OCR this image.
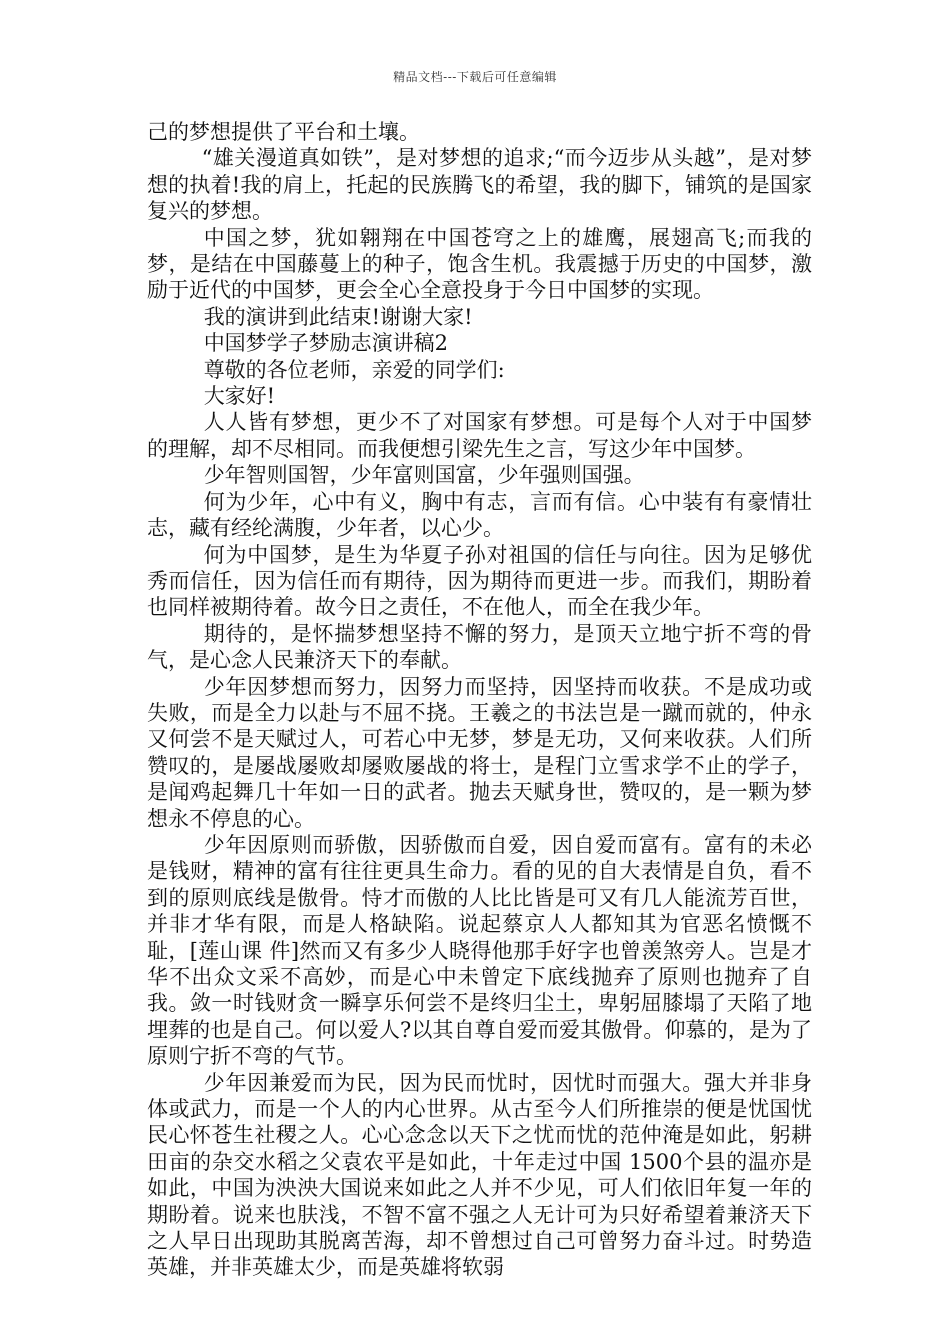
精品文档---下载后可任意编辑

己的梦想提供了平台和土壤。

“雄关漫道真如铁”，是对梦想的追求;“而今迈步从头越”，是对梦想的执着!我的肩上，托起的民族腾飞的希望，我的脚下，铺筑的是国家复兴的梦想。

中国之梦，犹如翱翔在中国苍穹之上的雄鹰，展翅高飞;而我的梦，是结在中国藤蔓上的种子，饱含生机。我震撼于历史的中国梦，激励于近代的中国梦，更会全心全意投身于今日中国梦的实现。

我的演讲到此结束!谢谢大家!

中国梦学子梦励志演讲稿2

尊敬的各位老师，亲爱的同学们:

大家好!

人人皆有梦想，更少不了对国家有梦想。可是每个人对于中国梦的理解，却不尽相同。而我便想引梁先生之言，写这少年中国梦。

少年智则国智，少年富则国富，少年强则国强。

何为少年，心中有义，胸中有志，言而有信。心中装有有豪情壮志，藏有经纶满腹，少年者，以心少。

何为中国梦，是生为华夏子孙对祖国的信任与向往。因为足够优秀而信任，因为信任而有期待，因为期待而更进一步。而我们，期盼着也同样被期待着。故今日之责任，不在他人，而全在我少年。

期待的，是怀揣梦想坚持不懈的努力，是顶天立地宁折不弯的骨气，是心念人民兼济天下的奉献。

少年因梦想而努力，因努力而坚持，因坚持而收获。不是成功或失败，而是全力以赴与不屈不挠。王羲之的书法岂是一蹴而就的，仲永又何尝不是天赋过人，可若心中无梦，梦是无功，又何来收获。人们所赞叹的，是屡战屡败却屡败屡战的将士，是程门立雪求学不止的学子，是闻鸡起舞几十年如一日的武者。抛去天赋身世，赞叹的，是一颗为梦想永不停息的心。

少年因原则而骄傲，因骄傲而自爱，因自爱而富有。富有的未必是钱财，精神的富有往往更具生命力。看的见的自大表情是自负，看不到的原则底线是傲骨。恃才而傲的人比比皆是可又有几人能流芳百世，并非才华有限，而是人格缺陷。说起蔡京人人都知其为官恶名愤慨不耻，[莲山课 件]然而又有多少人晓得他那手好字也曾羡煞旁人。岂是才华不出众文采不高妙，而是心中未曾定下底线抛弃了原则也抛弃了自我。敛一时钱财贪一瞬享乐何尝不是终归尘土，卑躬屈膝塌了天陷了地埋葬的也是自己。何以爱人?以其自尊自爱而爱其傲骨。仰慕的，是为了原则宁折不弯的气节。

少年因兼爱而为民，因为民而忧时，因忧时而强大。强大并非身体或武力，而是一个人的内心世界。从古至今人们所推崇的便是忧国忧民心怀苍生社稷之人。心心念念以天下之忧而忧的范仲淹是如此，躬耕田亩的杂交水稻之父袁农平是如此，十年走过中国 1500个县的温亦是如此，中国为泱泱大国说来如此之人并不少见，可人们依旧年复一年的期盼着。说来也肤浅，不智不富不强之人无计可为只好希望着兼济天下之人早日出现助其脱离苦海，却不曾想过自己可曾努力奋斗过。时势造英雄，并非英雄太少，而是英雄将软弱
